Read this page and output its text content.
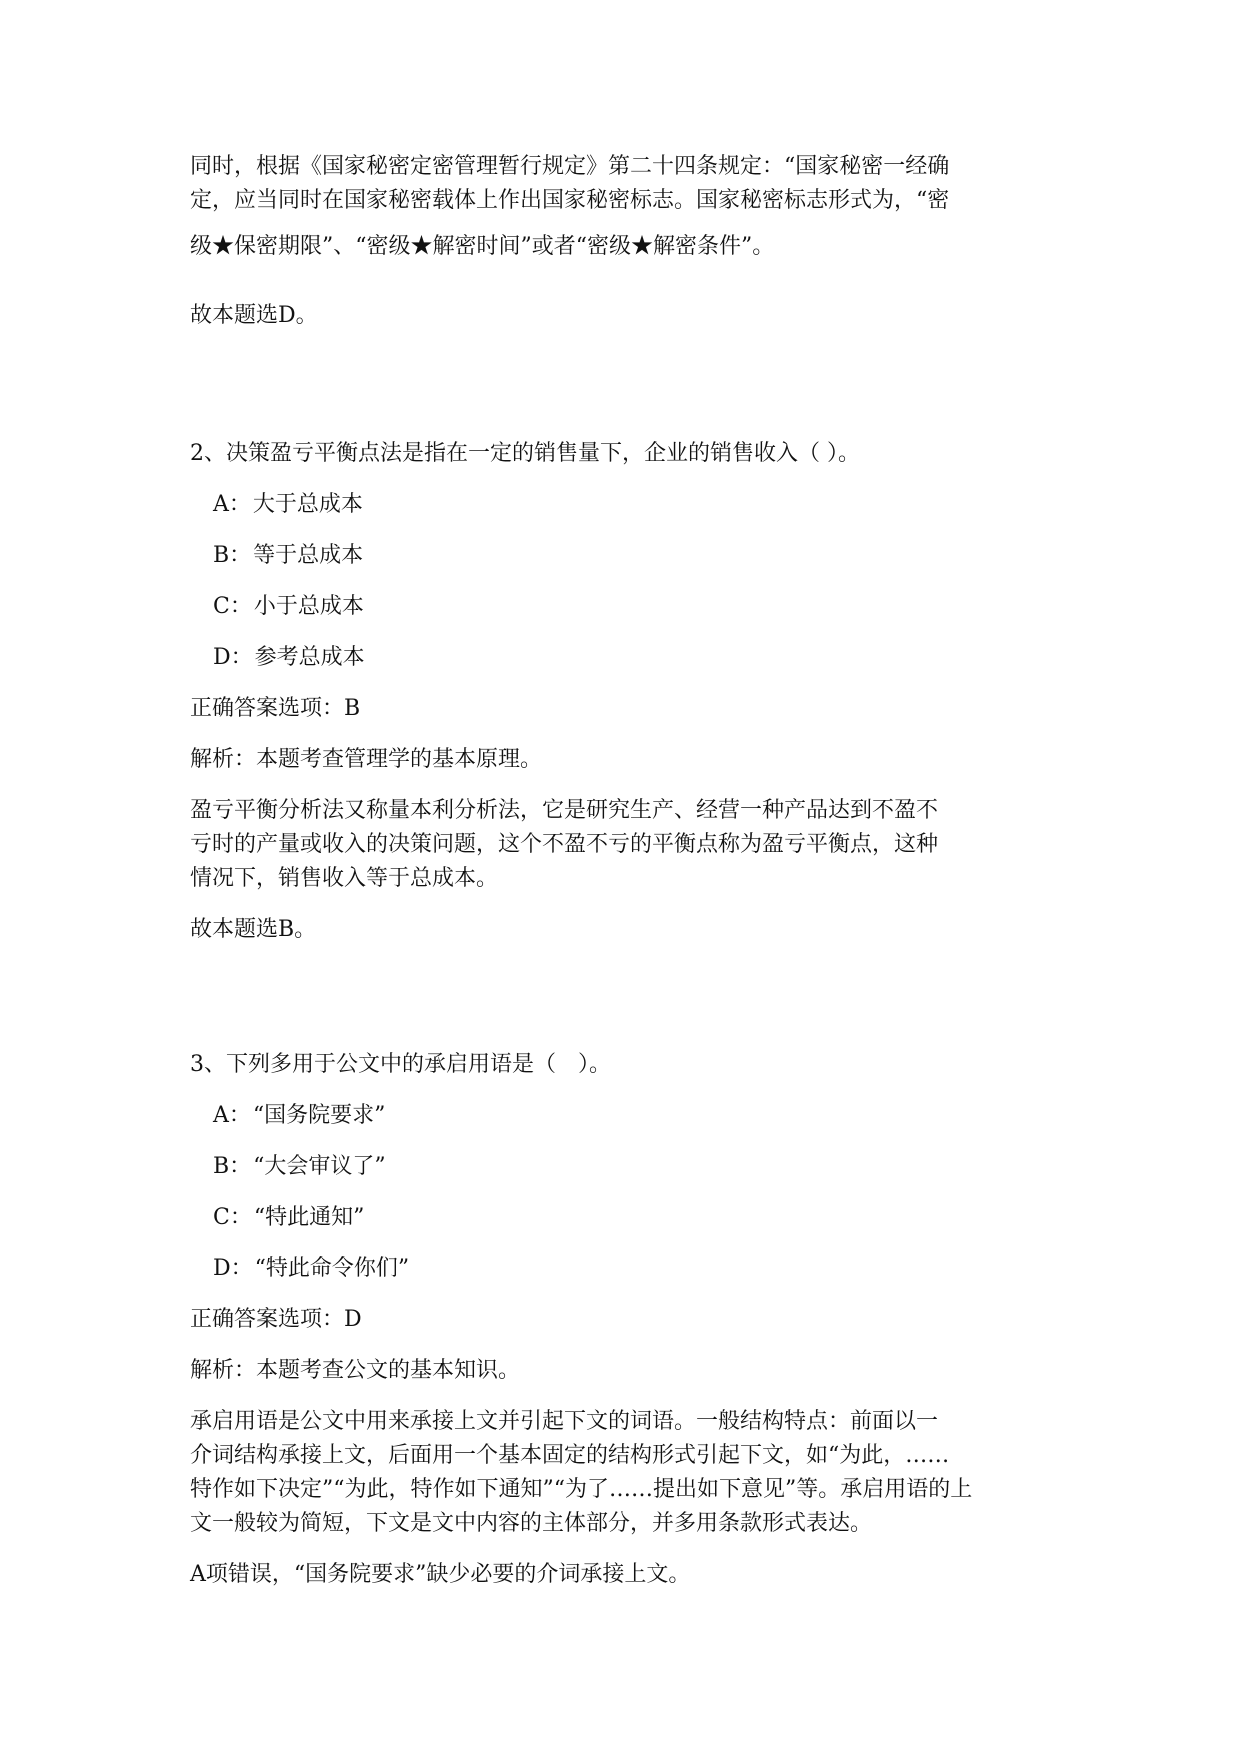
同时，根据《国家秘密定密管理暂行规定》第二十四条规定：“国家秘密一经确
定，应当同时在国家秘密载体上作出国家秘密标志。国家秘密标志形式为，“密
级★保密期限”、“密级★解密时间”或者“密级★解密条件”。
故本题选D。
2、决策盈亏平衡点法是指在一定的销售量下，企业的销售收入（ ）。
A：大于总成本
B：等于总成本
C：小于总成本
D：参考总成本
正确答案选项：B
解析：本题考查管理学的基本原理。
盈亏平衡分析法又称量本利分析法，它是研究生产、经营一种产品达到不盈不
亏时的产量或收入的决策问题，这个不盈不亏的平衡点称为盈亏平衡点，这种
情况下，销售收入等于总成本。
故本题选B。
3、下列多用于公文中的承启用语是（　）。
A：“国务院要求”
B：“大会审议了”
C：“特此通知”
D：“特此命令你们”
正确答案选项：D
解析：本题考查公文的基本知识。
承启用语是公文中用来承接上文并引起下文的词语。一般结构特点：前面以一
介词结构承接上文，后面用一个基本固定的结构形式引起下文，如“为此，……
特作如下决定”“为此，特作如下通知”“为了……提出如下意见”等。承启用语的上
文一般较为简短，下文是文中内容的主体部分，并多用条款形式表达。
A项错误，“国务院要求”缺少必要的介词承接上文。
